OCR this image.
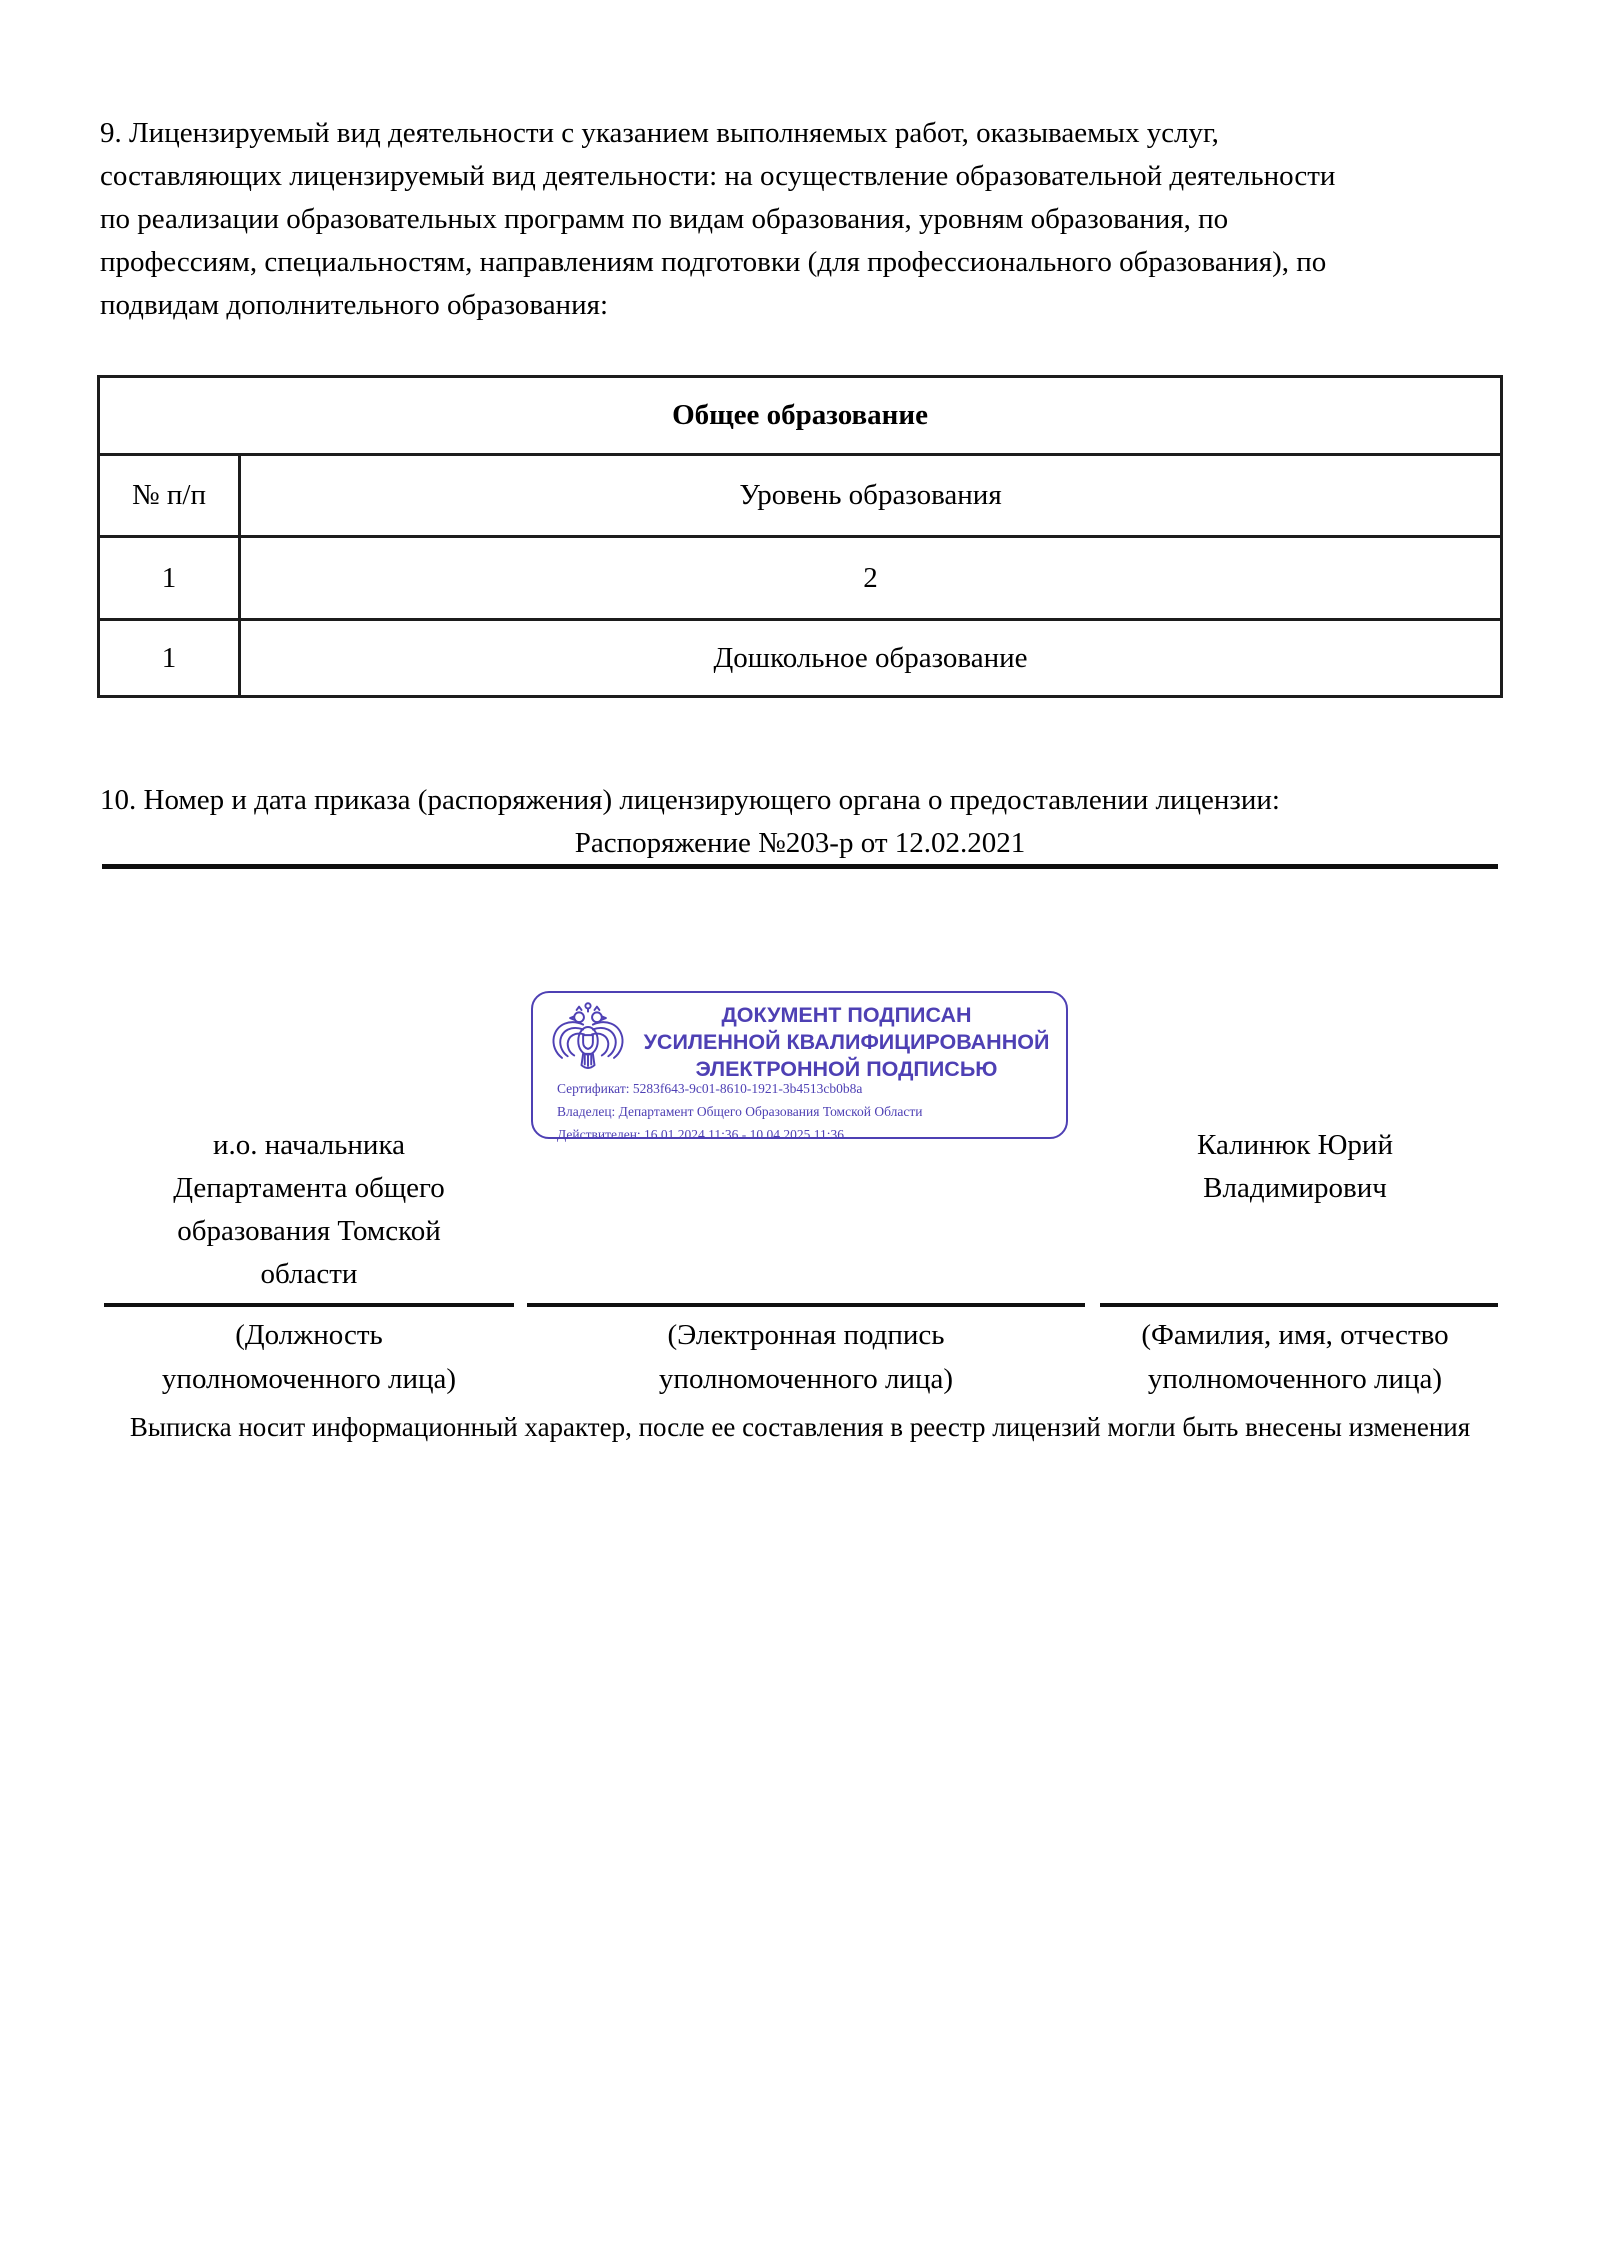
9. Лицензируемый вид деятельности с указанием выполняемых работ, оказываемых услуг,
составляющих лицензируемый вид деятельности: на осуществление образовательной деятельности
по реализации образовательных программ по видам образования, уровням образования, по
профессиям, специальностям, направлениям подготовки (для профессионального образования), по
подвидам дополнительного образования:
Общее образование	
№ п/п	Уровень образования
1	2
1	Дошкольное образование
10. Номер и дата приказа (распоряжения) лицензирующего органа о предоставлении лицензии:
Распоряжение №203-р от 12.02.2021
ДОКУМЕНТ ПОДПИСАН
УСИЛЕННОЙ КВАЛИФИЦИРОВАННОЙ
ЭЛЕКТРОННОЙ ПОДПИСЬЮ
Сертификат: 5283f643-9c01-8610-1921-3b4513cb0b8a
Владелец: Департамент Общего Образования Томской Области
Действителен: 16.01.2024 11:36 - 10.04.2025 11:36
и.о. начальника
Департамента общего
образования Томской
области
Калинюк Юрий
Владимирович
(Должность
уполномоченного лица)
(Электронная подпись
уполномоченного лица)
(Фамилия, имя, отчество
уполномоченного лица)
Выписка носит информационный характер, после ее составления в реестр лицензий могли быть внесены изменения
